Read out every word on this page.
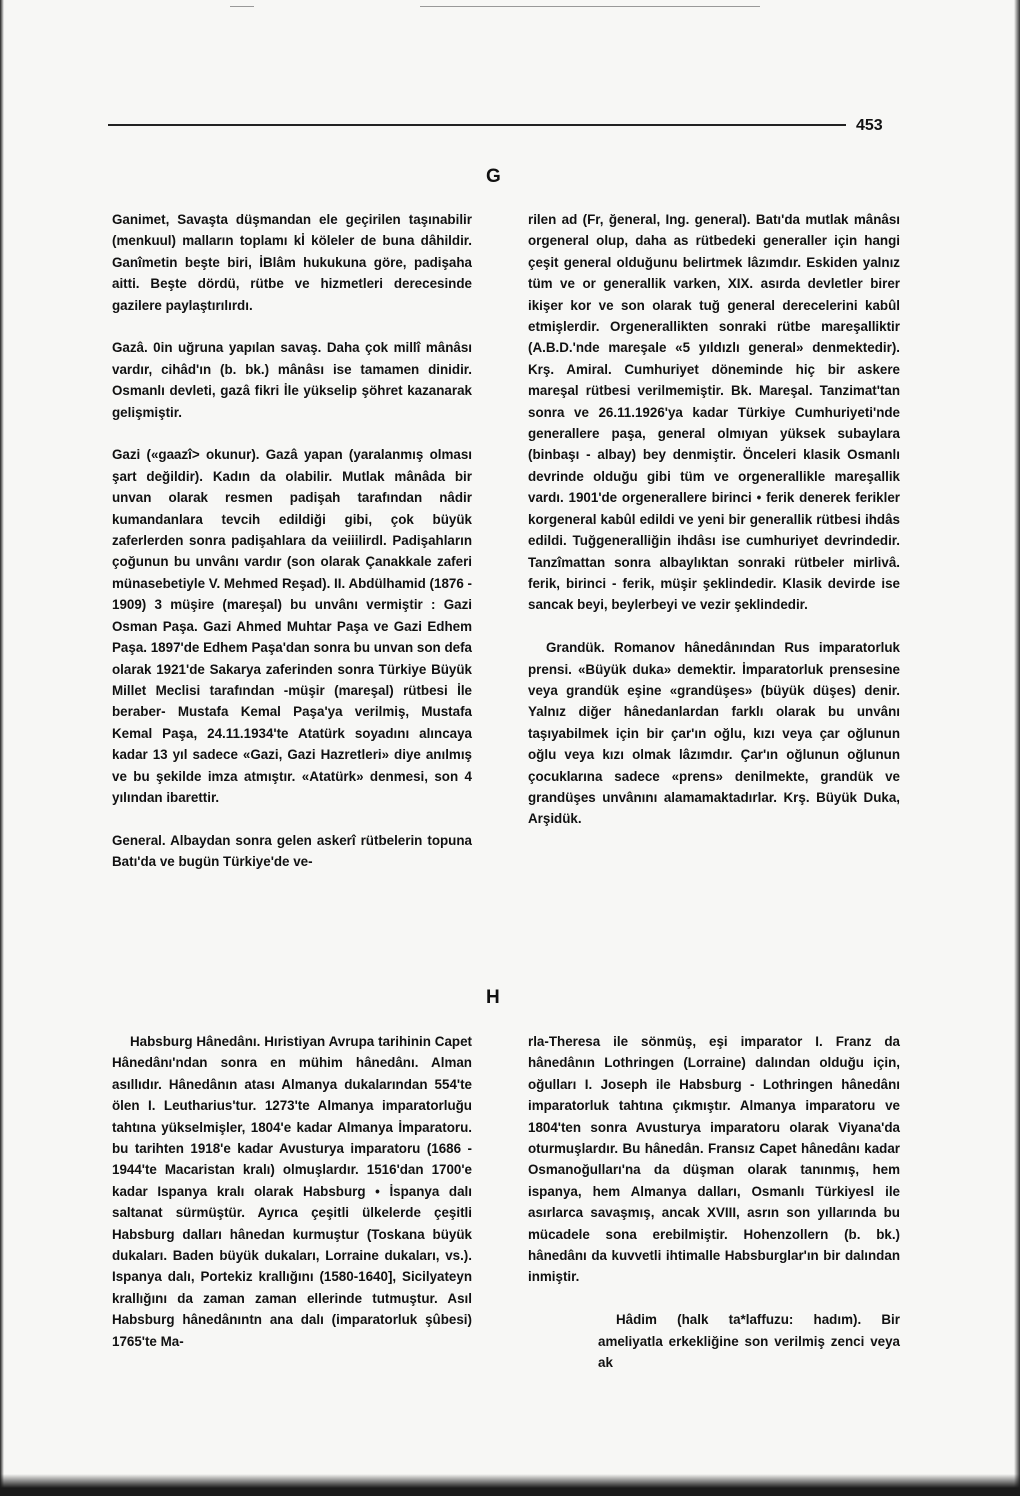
453
G

Ganimet, Savaşta düşmandan ele geçirilen taşınabilir (menkuul) malların toplamı kİ köleler de buna dâhildir. Ganîmetin beşte biri, İBlâm hukukuna göre, padişaha aitti. Beşte dördü, rütbe ve hizmetleri derecesinde gazilere paylaştırılırdı.

Gazâ. 0in uğruna yapılan savaş. Daha çok millî mânâsı vardır, cihâd'ın (b. bk.) mânâsı ise tamamen dinidir. Osmanlı devleti, gazâ fikri İle yükselip şöhret kazanarak gelişmiştir.

Gazi («gaazî> okunur). Gazâ yapan (yaralanmış olması şart değildir). Kadın da olabilir. Mutlak mânâda bir unvan olarak resmen padişah tarafından nâdir kumandanlara tevcih edildiği gibi, çok büyük zaferlerden sonra padişahlara da veiiilirdl. Padişahların çoğunun bu unvânı vardır (son olarak Çanakkale zaferi münasebetiyle V. Mehmed Reşad). II. Abdülhamid (1876 - 1909) 3 müşire (mareşal) bu unvânı vermiştir : Gazi Osman Paşa. Gazi Ahmed Muhtar Paşa ve Gazi Edhem Paşa. 1897'de Edhem Paşa'dan sonra bu unvan son defa olarak 1921'de Sakarya zaferinden sonra Türkiye Büyük Millet Meclisi tarafından -müşir (mareşal) rütbesi İle beraber- Mustafa Kemal Paşa'ya verilmiş, Mustafa Kemal Paşa, 24.11.1934'te Atatürk soyadını alıncaya kadar 13 yıl sadece «Gazi, Gazi Hazretleri» diye anılmış ve bu şekilde imza atmıştır. «Atatürk» denmesi, son 4 yılından ibarettir.

General. Albaydan sonra gelen askerî rütbelerin topuna Batı'da ve bugün Türkiye'de ve-

rilen ad (Fr, ğeneral, Ing. general). Batı'da mutlak mânâsı orgeneral olup, daha as rütbedeki generaller için hangi çeşit general olduğunu belirtmek lâzımdır. Eskiden yalnız tüm ve or generallik varken, XIX. asırda devletler birer ikişer kor ve son olarak tuğ general derecelerini kabûl etmişlerdir. Orgenerallikten sonraki rütbe mareşalliktir (A.B.D.'nde mareşale «5 yıldızlı general» denmektedir). Krş. Amiral. Cumhuriyet döneminde hiç bir askere mareşal rütbesi verilmemiştir. Bk. Mareşal. Tanzimat'tan sonra ve 26.11.1926'ya kadar Türkiye Cumhuriyeti'nde generallere paşa, general olmıyan yüksek subaylara (binbaşı - albay) bey denmiştir. Önceleri klasik Osmanlı devrinde olduğu gibi tüm ve orgenerallikle mareşallik vardı. 1901'de orgenerallere birinci • ferik denerek ferikler korgeneral kabûl edildi ve yeni bir generallik rütbesi ihdâs edildi. Tuğgeneralliğin ihdâsı ise cumhuriyet devrindedir. Tanzîmattan sonra albaylıktan sonraki rütbeler mirlivâ. ferik, birinci - ferik, müşir şeklindedir. Klasik devirde ise sancak beyi, beylerbeyi ve vezir şeklindedir.

Grandük. Romanov hânedânından Rus imparatorluk prensi. «Büyük duka» demektir. İmparatorluk prensesine veya grandük eşine «grandüşes» (büyük düşes) denir. Yalnız diğer hânedanlardan farklı olarak bu unvânı taşıyabilmek için bir çar'ın oğlu, kızı veya çar oğlunun oğlu veya kızı olmak lâzımdır. Çar'ın oğlunun oğlunun çocuklarına sadece «prens» denilmekte, grandük ve grandüşes unvânını alamamaktadırlar. Krş. Büyük Duka, Arşidük.

H

Habsburg Hânedânı. Hıristiyan Avrupa tarihinin Capet Hânedânı'ndan sonra en mühim hânedânı. Alman asıllıdır. Hânedânın atası Almanya dukalarından 554'te ölen I. Leutharius'tur. 1273'te Almanya imparatorluğu tahtına yükselmişler, 1804'e kadar Almanya İmparatoru. bu tarihten 1918'e kadar Avusturya imparatoru (1686 - 1944'te Macaristan kralı) olmuşlardır. 1516'dan 1700'e kadar Ispanya kralı olarak Habsburg • İspanya dalı saltanat sürmüştür. Ayrıca çeşitli ülkelerde çeşitli Habsburg dalları hânedan kurmuştur (Toskana büyük dukaları. Baden büyük dukaları, Lorraine dukaları, vs.). Ispanya dalı, Portekiz krallığını (1580-1640], Sicilyateyn krallığını da zaman zaman ellerinde tutmuştur. Asıl Habsburg hânedânıntn ana dalı (imparatorluk şûbesi) 1765'te Ma-

rla-Theresa ile sönmüş, eşi imparator I. Franz da hânedânın Lothringen (Lorraine) dalından olduğu için, oğulları I. Joseph ile Habsburg - Lothringen hânedânı imparatorluk tahtına çıkmıştır. Almanya imparatoru ve 1804'ten sonra Avusturya imparatoru olarak Viyana'da oturmuşlardır. Bu hânedân. Fransız Capet hânedânı kadar Osmanoğulları'na da düşman olarak tanınmış, hem ispanya, hem Almanya dalları, Osmanlı Türkiyesl ile asırlarca savaşmış, ancak XVIII, asrın son yıllarında bu mücadele sona erebilmiştir. Hohenzollern (b. bk.) hânedânı da kuvvetli ihtimalle Habsburglar'ın bir dalından inmiştir.

Hâdim (halk ta*laffuzu: hadım). Bir ameliyatla erkekliğine son verilmiş zenci veya ak
